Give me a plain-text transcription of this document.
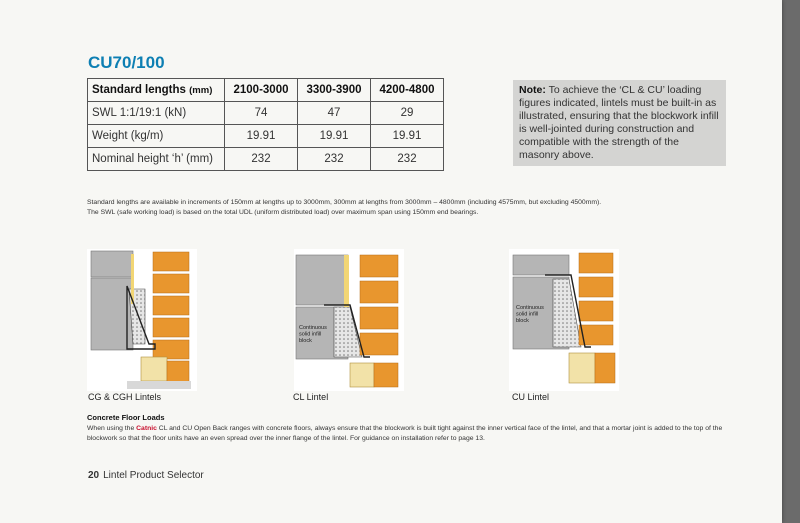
CU70/100
Standard lengths (mm)	2100-3000	3300-3900	4200-4800
SWL 1:1/19:1 (kN)	74	47	29
Weight (kg/m)	19.91	19.91	19.91
Nominal height ‘h’ (mm)	232	232	232
Note: To achieve the ‘CL & CU’ loading figures indicated, lintels must be built-in as illustrated, ensuring that the blockwork infill is well-jointed during construction and compatible with the strength of the masonry above.
Standard lengths are available in increments of 150mm at lengths up to 3000mm, 300mm at lengths from 3000mm – 4800mm (including 4575mm, but excluding 4500mm).
The SWL (safe working load) is based on the total UDL (uniform distributed load) over maximum span using 150mm end bearings.
Continuous solid infill block
Continuous solid infill block
CG & CGH Lintels	CL Lintel	CU Lintel
Concrete Floor Loads
When using the Catnic CL and CU Open Back ranges with concrete floors, always ensure that the blockwork is built tight against the inner vertical face of the lintel, and that a mortar joint is added to the top of the blockwork so that the floor units have an even spread over the inner flange of the lintel. For guidance on installation refer to page 13.
20 Lintel Product Selector
